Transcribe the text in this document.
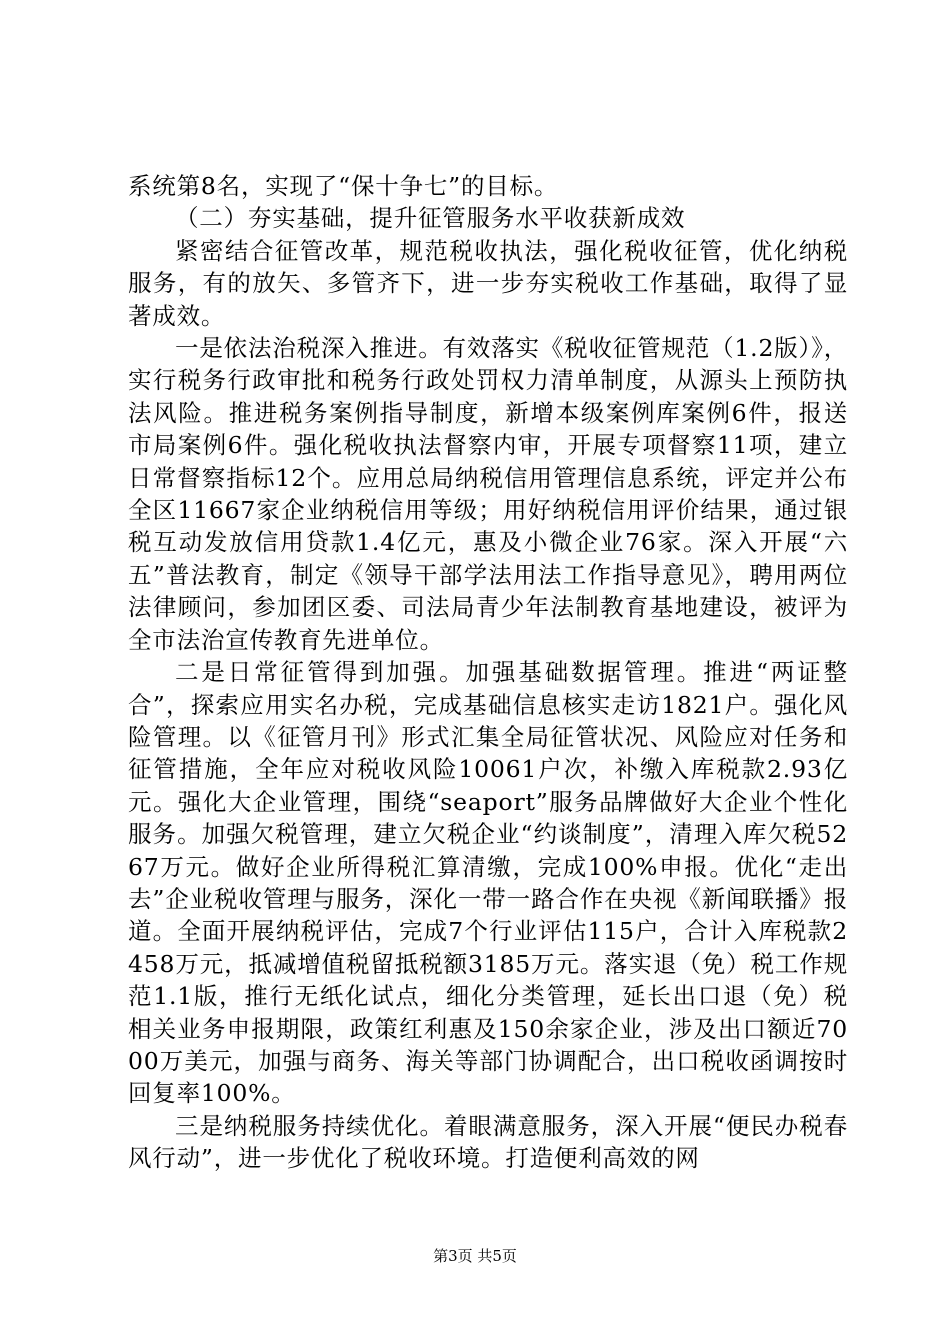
系统第8名，实现了“保十争七”的目标。

（二）夯实基础，提升征管服务水平收获新成效

紧密结合征管改革，规范税收执法，强化税收征管，优化纳税服务，有的放矢、多管齐下，进一步夯实税收工作基础，取得了显著成效。

一是依法治税深入推进。有效落实《税收征管规范（1.2版）》，实行税务行政审批和税务行政处罚权力清单制度，从源头上预防执法风险。推进税务案例指导制度，新增本级案例库案例6件，报送市局案例6件。强化税收执法督察内审，开展专项督察11项，建立日常督察指标12个。应用总局纳税信用管理信息系统，评定并公布全区11667家企业纳税信用等级；用好纳税信用评价结果，通过银税互动发放信用贷款1.4亿元，惠及小微企业76家。深入开展“六五”普法教育，制定《领导干部学法用法工作指导意见》，聘用两位法律顾问，参加团区委、司法局青少年法制教育基地建设，被评为全市法治宣传教育先进单位。

二是日常征管得到加强。加强基础数据管理。推进“两证整合”，探索应用实名办税，完成基础信息核实走访1821户。强化风险管理。以《征管月刊》形式汇集全局征管状况、风险应对任务和征管措施，全年应对税收风险10061户次，补缴入库税款2.93亿元。强化大企业管理，围绕“seaport”服务品牌做好大企业个性化服务。加强欠税管理，建立欠税企业“约谈制度”，清理入库欠税5267万元。做好企业所得税汇算清缴，完成100%申报。优化“走出去”企业税收管理与服务，深化一带一路合作在央视《新闻联播》报道。全面开展纳税评估，完成7个行业评估115户，合计入库税款2458万元，抵减增值税留抵税额3185万元。落实退（免）税工作规范1.1版，推行无纸化试点，细化分类管理，延长出口退（免）税相关业务申报期限，政策红利惠及150余家企业，涉及出口额近7000万美元，加强与商务、海关等部门协调配合，出口税收函调按时回复率100%。

三是纳税服务持续优化。着眼满意服务，深入开展“便民办税春风行动”，进一步优化了税收环境。打造便利高效的网

第3页 共5页
